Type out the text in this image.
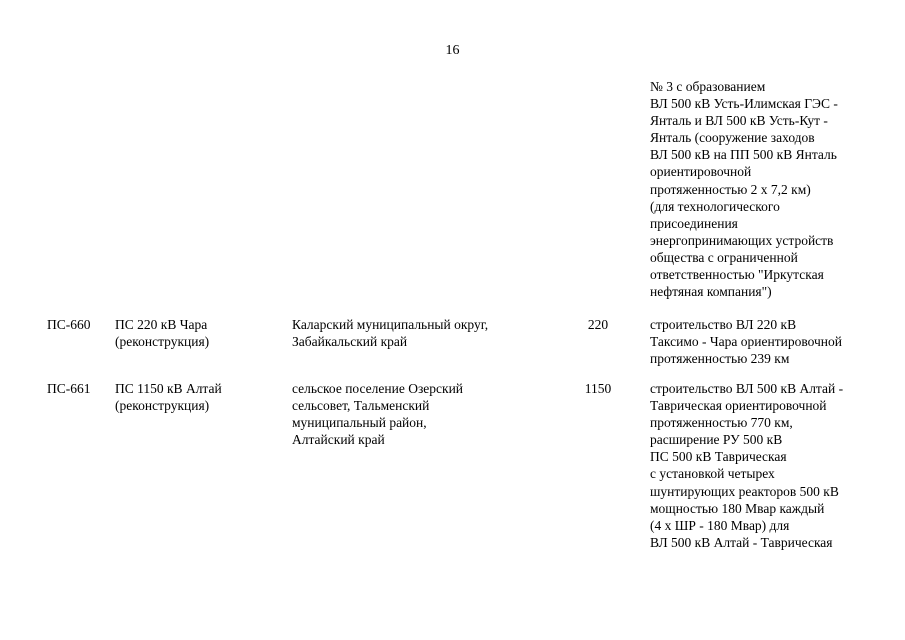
16
№ 3 с образованием
ВЛ 500 кВ Усть-Илимская ГЭС -
Янталь и ВЛ 500 кВ Усть-Кут -
Янталь (сооружение заходов
ВЛ 500 кВ на ПП 500 кВ Янталь
ориентировочной
протяженностью 2 х 7,2 км)
(для технологического
присоединения
энергопринимающих устройств
общества с ограниченной
ответственностью "Иркутская
нефтяная компания")
ПС-660 ПС 220 кВ Чара
(реконструкция)
Каларский муниципальный округ,
Забайкальский край
220	строительство ВЛ 220 кВ
Таксимо - Чара ориентировочной
протяженностью 239 км
ПС-661 ПС 1150 кВ Алтай
(реконструкция)
сельское поселение Озерский
сельсовет, Тальменский
муниципальный район,
Алтайский край
1150	строительство ВЛ 500 кВ Алтай -
Таврическая ориентировочной
протяженностью 770 км,
расширение РУ 500 кВ
ПС 500 кВ Таврическая
с установкой четырех
шунтирующих реакторов 500 кВ
мощностью 180 Мвар каждый
(4 х ШР - 180 Мвар) для
ВЛ 500 кВ Алтай - Таврическая
